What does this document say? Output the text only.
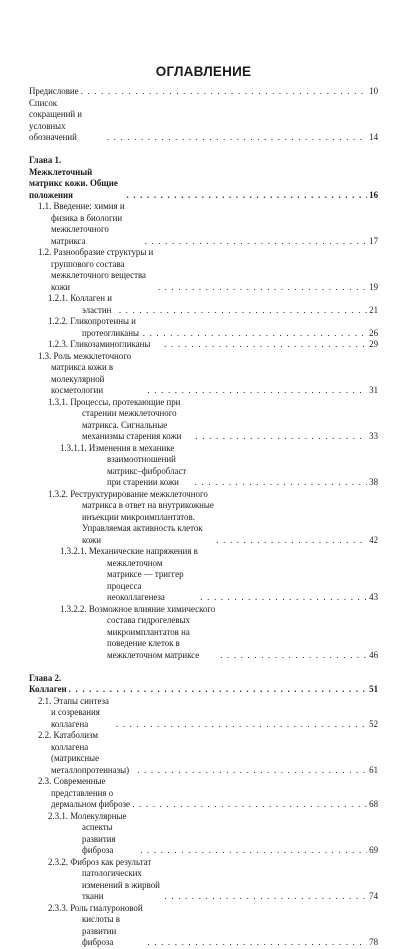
ОГЛАВЛЕНИЕ
Предисловие . . .	10
Список сокращений и условных обозначений . . .	14
Глава 1. Межклеточный матрикс кожи. Общие положения . . .	16
1.1. Введение: химия и физика в биологии межклеточного матрикса . . .	17
1.2. Разнообразие структуры и группового состава межклеточного вещества кожи . . .	19
1.2.1. Коллаген и эластин . . .	21
1.2.2. Гликопротеины и протеогликаны . . .	26
1.2.3. Гликозаминогликаны . . .	29
1.3. Роль межклеточного матрикса кожи в молекулярной косметологии . . .	31
1.3.1. Процессы, протекающие при старении межклеточного матрикса. Сигнальные механизмы старения кожи . . .	33
1.3.1.1. Изменения в механике взаимоотношений матрикс–фибробласт при старении кожи . . .	38
1.3.2. Реструктурирование межклеточного матрикса в ответ на внутрикожные инъекции микроимплантатов. Управляемая активность клеток кожи . . .	42
1.3.2.1. Механические напряжения в межклеточном матриксе — триггер процесса неоколлагенеза . . .	43
1.3.2.2. Возможное влияние химического состава гидрогелевых микроимплантатов на поведение клеток в межклеточном матриксе . . .	46
Глава 2. Коллаген . . .	51
2.1. Этапы синтеза и созревания коллагена . . .	52
2.2. Катаболизм коллагена (матриксные металлопротеиназы) . . .	61
2.3. Современные представления о дермальном фиброзе . . .	68
2.3.1. Молекулярные аспекты развития фиброза . . .	69
2.3.2. Фиброз как результат патологических изменений в жирвой ткани . . .	74
2.3.3. Роль гиалуроновой кислоты в развитии фиброза . . .	78
